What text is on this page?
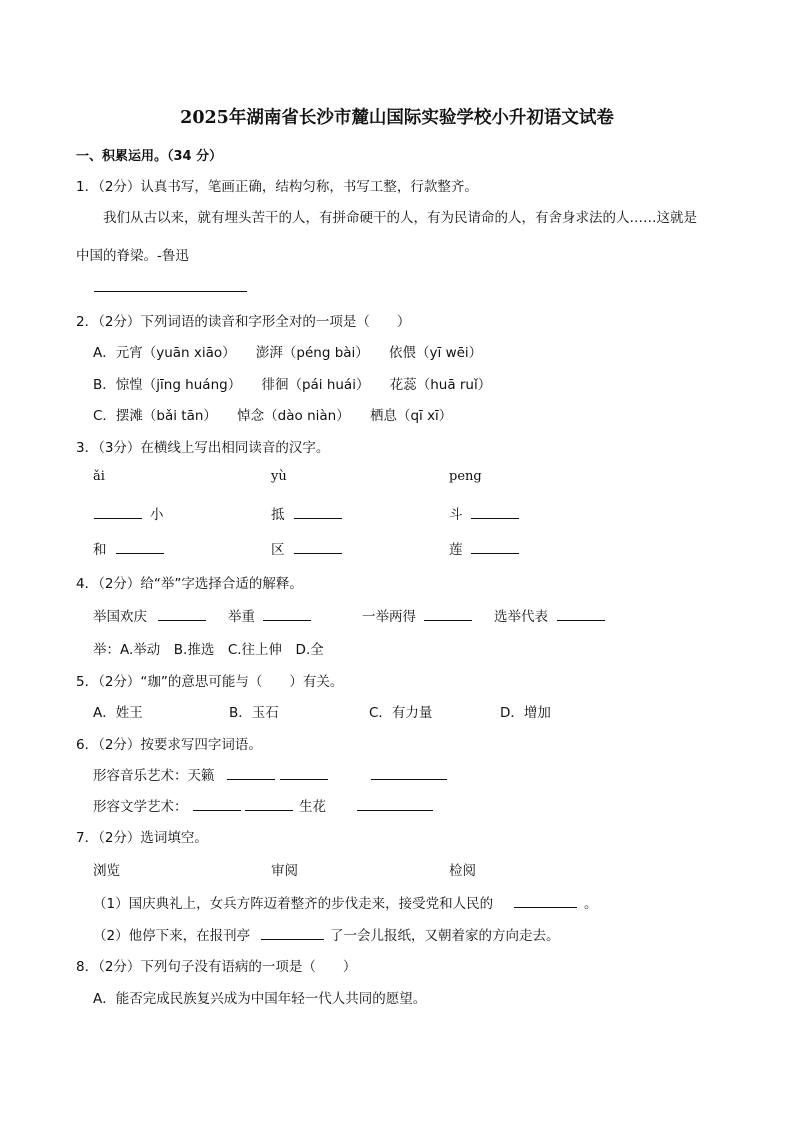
2025年湖南省长沙市麓山国际实验学校小升初语文试卷
一、积累运用。（34 分）
1．（2分）认真书写，笔画正确，结构匀称，书写工整，行款整齐。
我们从古以来，就有埋头苦干的人，有拼命硬干的人，有为民请命的人，有舍身求法的人……这就是
中国的脊梁。-鲁迅
2．（2分）下列词语的读音和字形全对的一项是（　　）
A．元宵（yuān xiāo）　　澎湃（péng bài）　　依偎（yī wēi）
B．惊惶（jīng huáng）　　徘徊（pái huái）　　花蕊（huā ruǐ）
C．摆滩（bǎi tān）　　悼念（dào niàn）　　栖息（qī xī）
3．（3分）在横线上写出相同读音的汉字。
ǎi	yù	peng
小	抵	斗
和	区	莲
4．（2分）给“举”字选择合适的解释。
举国欢庆	举重	一举两得	选举代表
举：A.举动　B.推选　C.往上伸　D.全
5．（2分）“珈”的意思可能与（　　）有关。
A．姓王	B．玉石	C．有力量	D．增加
6．（2分）按要求写四字词语。
形容音乐艺术：天籁
形容文学艺术：	生花
7．（2分）选词填空。
浏览	审阅	检阅
（1）国庆典礼上，女兵方阵迈着整齐的步伐走来，接受党和人民的	。
（2）他停下来，在报刊亭	了一会儿报纸，又朝着家的方向走去。
8．（2分）下列句子没有语病的一项是（　　）
A．能否完成民族复兴成为中国年轻一代人共同的愿望。
